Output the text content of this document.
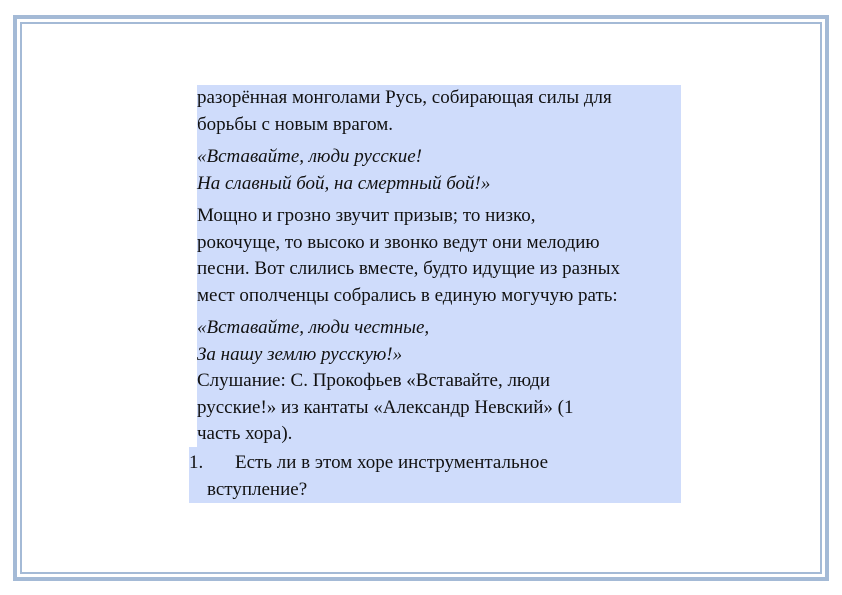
разорённая монголами Русь, собирающая силы для
борьбы с новым врагом.

«Вставайте, люди русские!
На славный бой, на смертный бой!»

Мощно и грозно звучит призыв; то низко,
рокочуще, то высоко и звонко ведут они мелодию
песни. Вот слились вместе, будто идущие из разных
мест ополченцы собрались в единую могучую рать:

«Вставайте, люди честные,
За нашу землю русскую!»

Слушание: С. Прокофьев «Вставайте, люди
русские!» из кантаты «Александр Невский» (1
часть хора).

1. Есть ли в этом хоре инструментальное
вступление?
